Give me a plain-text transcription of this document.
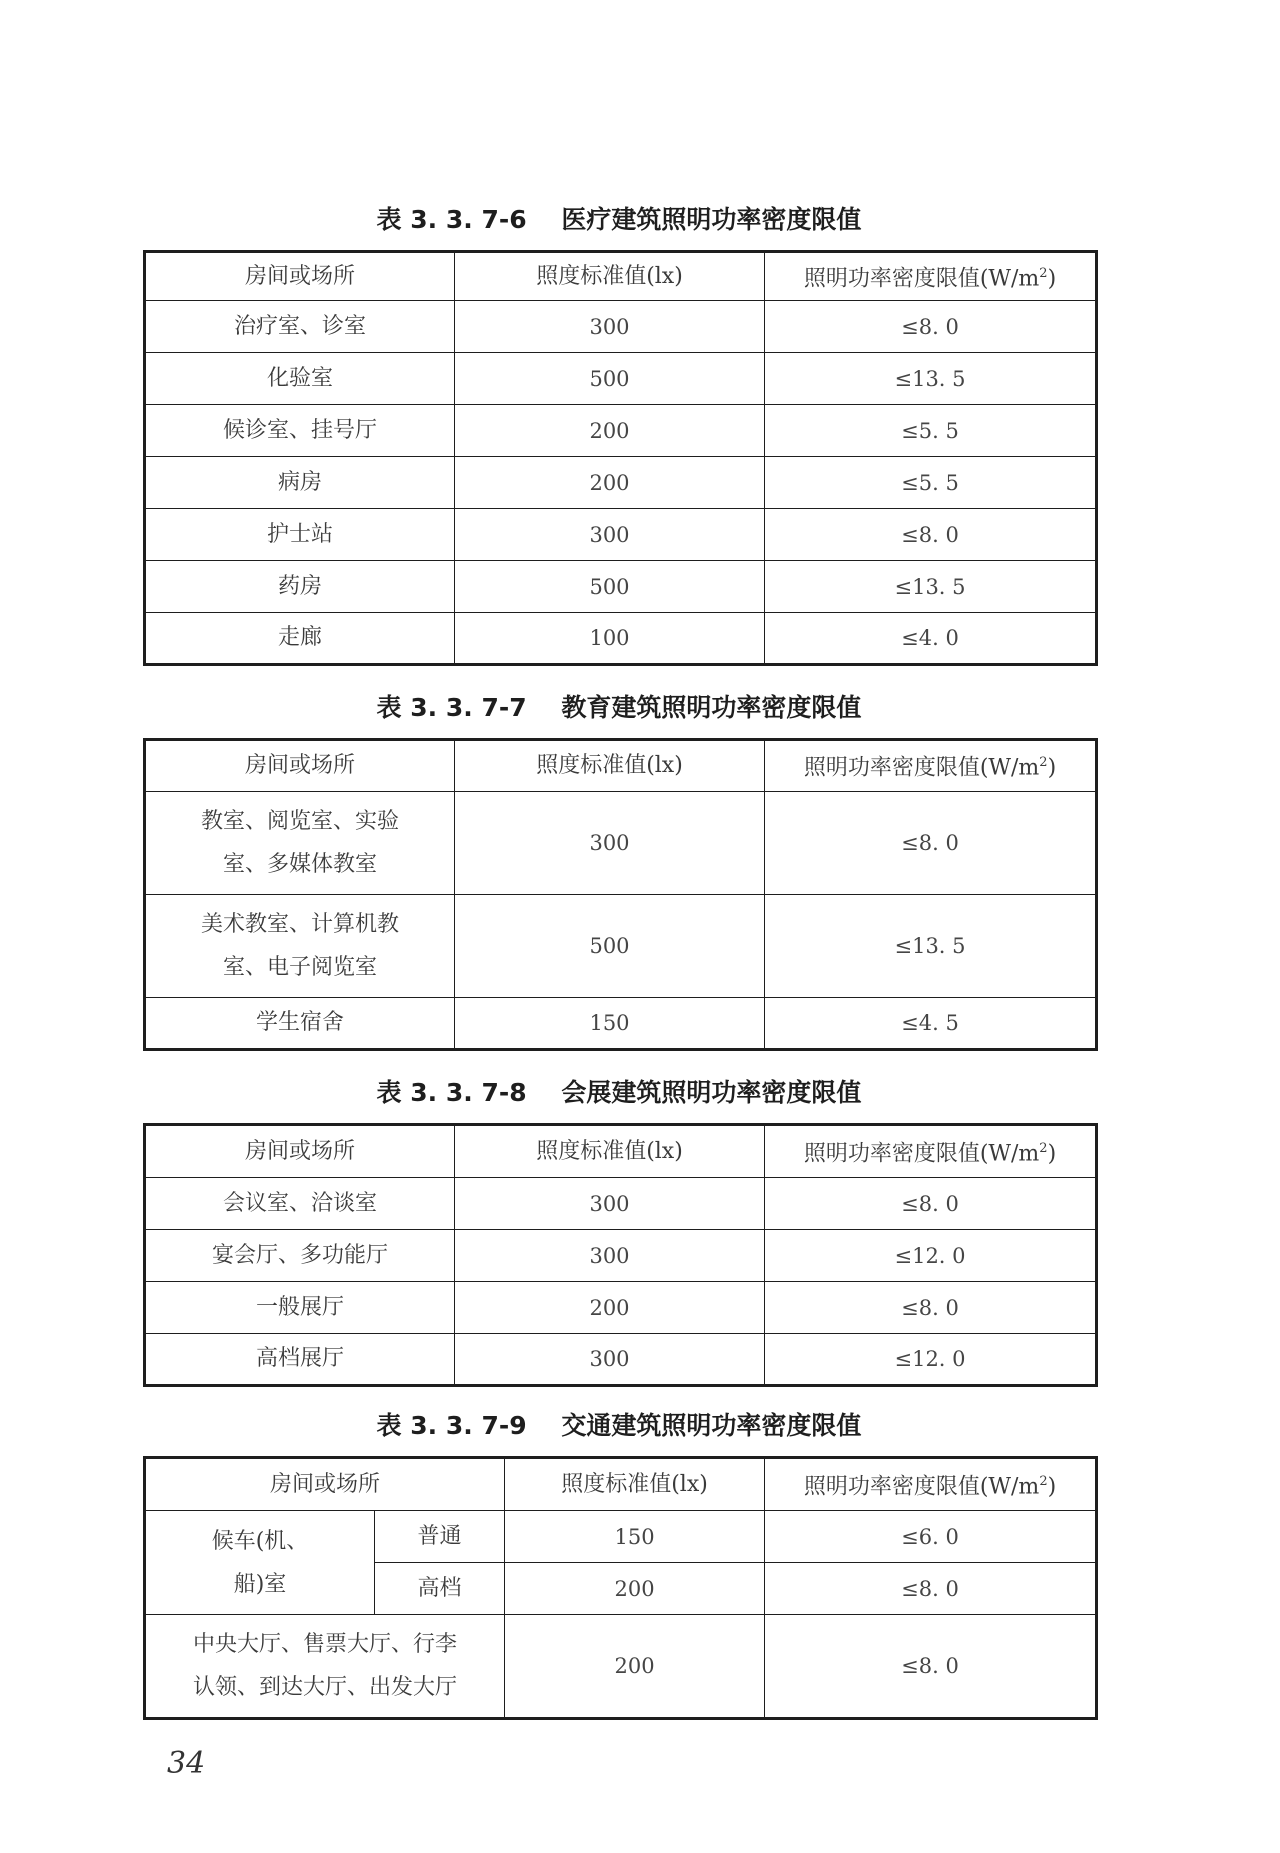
表 3. 3. 7-6    医疗建筑照明功率密度限值
房间或场所	照度标准值(lx)	照明功率密度限值$(W/m^2)$
治疗室、诊室	300	≤8. 0
化验室	500	≤13. 5
候诊室、挂号厅	200	≤5. 5
病房	200	≤5. 5
护士站	300	≤8. 0
药房	500	≤13. 5
走廊	100	≤4. 0
表 3. 3. 7-7    教育建筑照明功率密度限值
房间或场所	照度标准值(lx)	照明功率密度限值$(W/m^2)$

教室、阅览室、实验
室、多媒体教室	300	≤8. 0

美术教室、计算机教
室、电子阅览室	500	≤13. 5
学生宿舍	150	≤4. 5
表 3. 3. 7-8    会展建筑照明功率密度限值
房间或场所	照度标准值(lx)	照明功率密度限值$(W/m^2)$
会议室、洽谈室	300	≤8. 0
宴会厅、多功能厅	300	≤12. 0
一般展厅	200	≤8. 0
高档展厅	300	≤12. 0
表 3. 3. 7-9    交通建筑照明功率密度限值
房间或场所		照度标准值(lx)	照明功率密度限值$(W/m^2)$

候车(机、
船)室	普通	150	≤6. 0
	高档	200	≤8. 0

中央大厅、售票大厅、行李
认领、到达大厅、出发大厅		200	≤8. 0
34
